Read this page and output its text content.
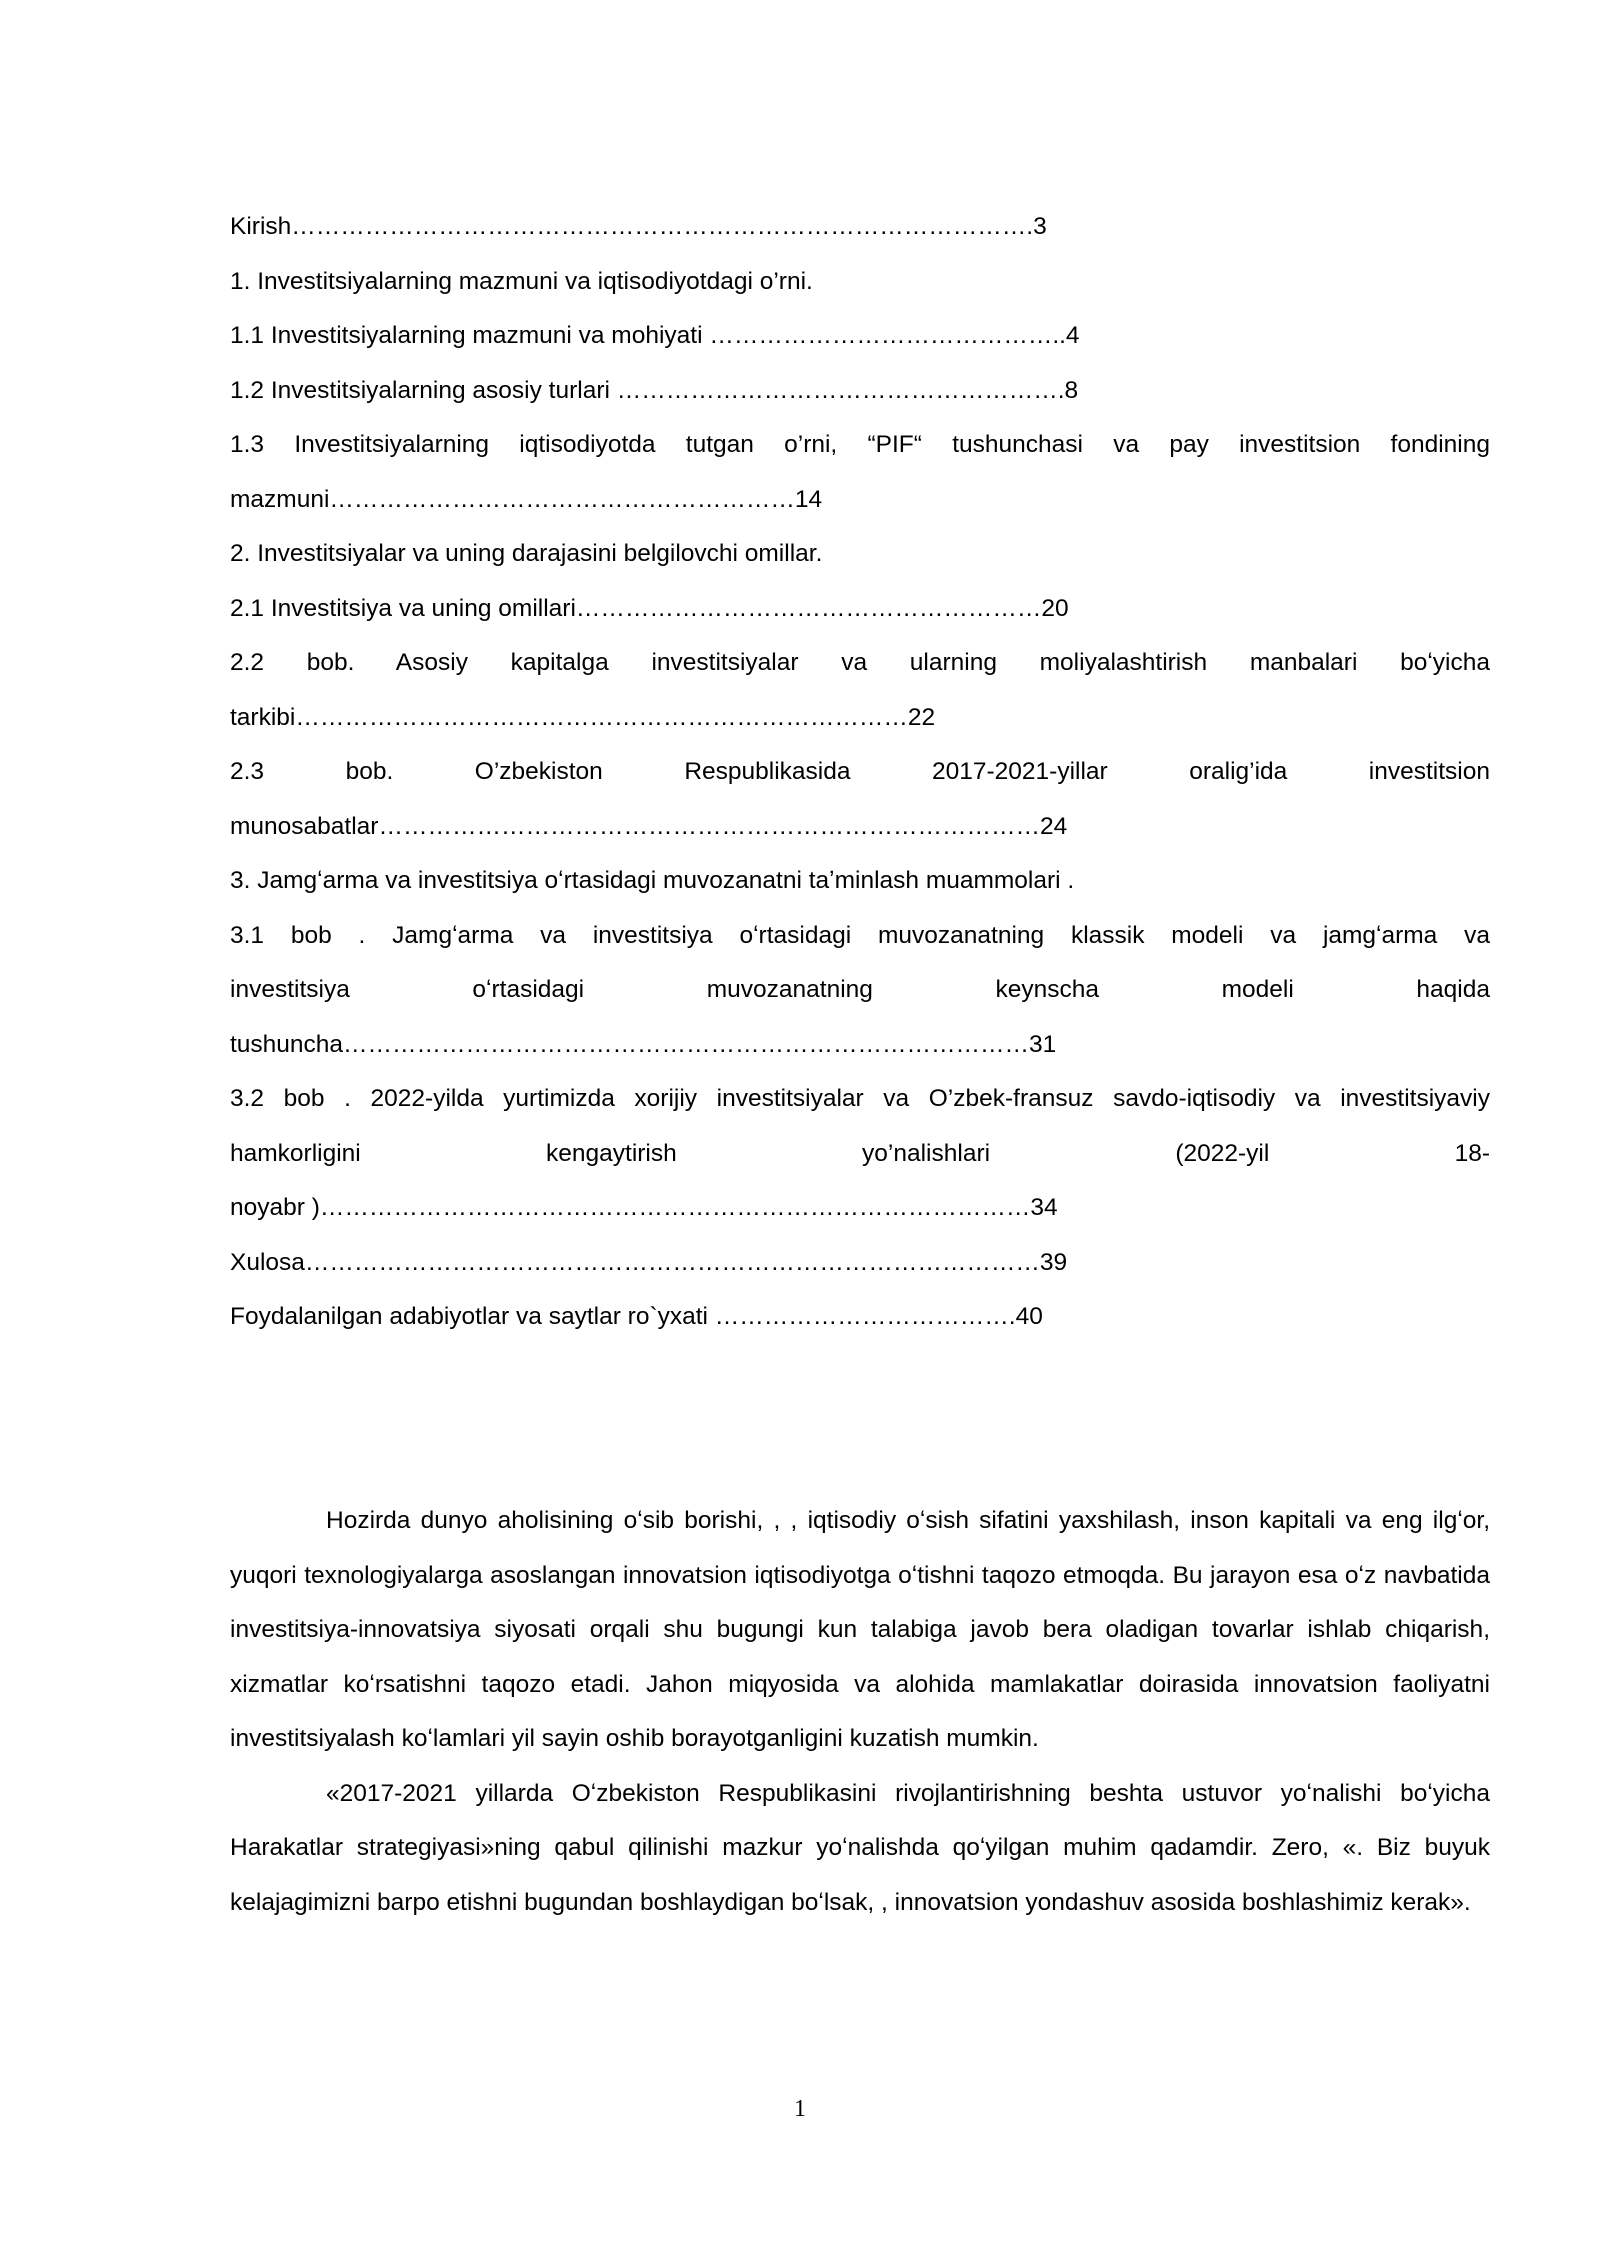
Kirish……………………………………………………………………………….3

1. Investitsiyalarning mazmuni va iqtisodiyotdagi o’rni.

1.1 Investitsiyalarning mazmuni va mohiyati ……………………………………..4

1.2 Investitsiyalarning asosiy turlari ……………………………………………….8

1.3 Investitsiyalarning iqtisodiyotda tutgan o’rni, “PIF“ tushunchasi va pay investitsion fondining

mazmuni…………………………………………………14

2. Investitsiyalar va uning darajasini belgilovchi omillar.

2.1 Investitsiya va uning omillari…………………………………………………20

2.2 bob. Asosiy kapitalga investitsiyalar va ularning moliyalashtirish manbalari boʻyicha

tarkibi…………………………………………………………………22

2.3 bob. O’zbekiston Respublikasida 2017-2021-yillar oralig’ida investitsion

munosabatlar………………………………………………………………………24

3. Jamgʻarma va investitsiya oʻrtasidagi muvozanatni taʼminlash muammolari .

3.1 bob . Jamgʻarma va investitsiya oʻrtasidagi muvozanatning klassik modeli va jamgʻarma va

investitsiya oʻrtasidagi muvozanatning keynscha modeli haqida

tushuncha…………………………………………………………………………31

3.2 bob . 2022-yilda yurtimizda xorijiy investitsiyalar va O’zbek-fransuz savdo-iqtisodiy va investitsiyaviy

hamkorligini kengaytirish yo’nalishlari (2022-yil 18-

noyabr )……………………………………………………………………………34

Xulosa………………………………………………………………………………39

Foydalanilgan adabiyotlar va saytlar ro`yxati ……………………………….40

Hozirda dunyo aholisining oʻsib borishi, , , iqtisodiy oʻsish sifatini yaxshilash, inson kapitali va eng ilgʻor, yuqori texnologiyalarga asoslangan innovatsion iqtisodiyotga oʻtishni taqozo etmoqda. Bu jarayon esa oʻz navbatida investitsiya-innovatsiya siyosati orqali shu bugungi kun talabiga javob bera oladigan tovarlar ishlab chiqarish, xizmatlar koʻrsatishni taqozo etadi. Jahon miqyosida va alohida mamlakatlar doirasida innovatsion faoliyatni investitsiyalash koʻlamlari yil sayin oshib borayotganligini kuzatish mumkin.

«2017-2021 yillarda Oʻzbekiston Respublikasini rivojlantirishning beshta ustuvor yoʻnalishi boʻyicha Harakatlar strategiyasi»ning qabul qilinishi mazkur yoʻnalishda qoʻyilgan muhim qadamdir. Zero, «. Biz buyuk kelajagimizni barpo etishni bugundan boshlaydigan boʻlsak, , innovatsion yondashuv asosida boshlashimiz kerak».

1
